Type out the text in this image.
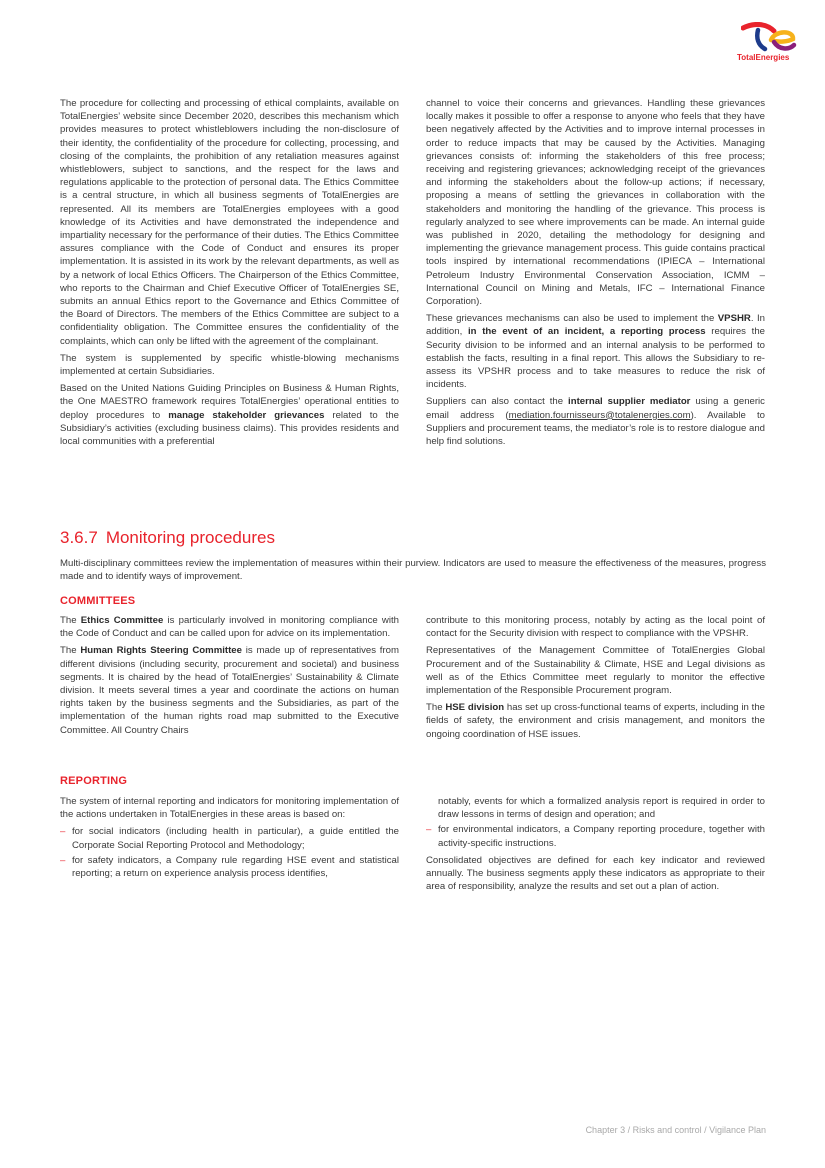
TotalEnergies

The procedure for collecting and processing of ethical complaints, available on TotalEnergies’ website since December 2020, describes this mechanism which provides measures to protect whistleblowers including the non-disclosure of their identity, the confidentiality of the procedure for collecting, processing, and closing of the complaints, the prohibition of any retaliation measures against whistleblowers, subject to sanctions, and the respect for the laws and regulations applicable to the protection of personal data. The Ethics Committee is a central structure, in which all business segments of TotalEnergies are represented. All its members are TotalEnergies employees with a good knowledge of its Activities and have demonstrated the independence and impartiality necessary for the performance of their duties. The Ethics Committee assures compliance with the Code of Conduct and ensures its proper implementation. It is assisted in its work by the relevant departments, as well as by a network of local Ethics Officers. The Chairperson of the Ethics Committee, who reports to the Chairman and Chief Executive Officer of TotalEnergies SE, submits an annual Ethics report to the Governance and Ethics Committee of the Board of Directors. The members of the Ethics Committee are subject to a confidentiality obligation. The Committee ensures the confidentiality of the complaints, which can only be lifted with the agreement of the complainant.

The system is supplemented by specific whistle-blowing mechanisms implemented at certain Subsidiaries.

Based on the United Nations Guiding Principles on Business & Human Rights, the One MAESTRO framework requires TotalEnergies’ operational entities to deploy procedures to manage stakeholder grievances related to the Subsidiary’s activities (excluding business claims). This provides residents and local communities with a preferential

channel to voice their concerns and grievances. Handling these grievances locally makes it possible to offer a response to anyone who feels that they have been negatively affected by the Activities and to improve internal processes in order to reduce impacts that may be caused by the Activities. Managing grievances consists of: informing the stakeholders of this free process; receiving and registering grievances; acknowledging receipt of the grievances and informing the stakeholders about the follow-up actions; if necessary, proposing a means of settling the grievances in collaboration with the stakeholders and monitoring the handling of the grievance. This process is regularly analyzed to see where improvements can be made. An internal guide was published in 2020, detailing the methodology for designing and implementing the grievance management process. This guide contains practical tools inspired by international recommendations (IPIECA – International Petroleum Industry Environmental Conservation Association, ICMM – International Council on Mining and Metals, IFC – International Finance Corporation).

These grievances mechanisms can also be used to implement the VPSHR. In addition, in the event of an incident, a reporting process requires the Security division to be informed and an internal analysis to be performed to establish the facts, resulting in a final report. This allows the Subsidiary to re-assess its VPSHR process and to take measures to reduce the risk of incidents.

Suppliers can also contact the internal supplier mediator using a generic email address (mediation.fournisseurs@totalenergies.com). Available to Suppliers and procurement teams, the mediator’s role is to restore dialogue and help find solutions.

3.6.7 Monitoring procedures
Multi-disciplinary committees review the implementation of measures within their purview. Indicators are used to measure the effectiveness of the measures, progress made and to identify ways of improvement.
COMMITTEES

The Ethics Committee is particularly involved in monitoring compliance with the Code of Conduct and can be called upon for advice on its implementation.

The Human Rights Steering Committee is made up of representatives from different divisions (including security, procurement and societal) and business segments. It is chaired by the head of TotalEnergies’ Sustainability & Climate division. It meets several times a year and coordinate the actions on human rights taken by the business segments and the Subsidiaries, as part of the implementation of the human rights road map submitted to the Executive Committee. All Country Chairs

contribute to this monitoring process, notably by acting as the local point of contact for the Security division with respect to compliance with the VPSHR.

Representatives of the Management Committee of TotalEnergies Global Procurement and of the Sustainability & Climate, HSE and Legal divisions as well as of the Ethics Committee meet regularly to monitor the effective implementation of the Responsible Procurement program.

The HSE division has set up cross-functional teams of experts, including in the fields of safety, the environment and crisis management, and monitors the ongoing coordination of HSE issues.

REPORTING

The system of internal reporting and indicators for monitoring implementation of the actions undertaken in TotalEnergies in these areas is based on:

– for social indicators (including health in particular), a guide entitled the Corporate Social Reporting Protocol and Methodology;
– for safety indicators, a Company rule regarding HSE event and statistical reporting; a return on experience analysis process identifies,
notably, events for which a formalized analysis report is required in order to draw lessons in terms of design and operation; and
– for environmental indicators, a Company reporting procedure, together with activity-specific instructions.

Consolidated objectives are defined for each key indicator and reviewed annually. The business segments apply these indicators as appropriate to their area of responsibility, analyze the results and set out a plan of action.

Chapter 3 / Risks and control / Vigilance Plan
